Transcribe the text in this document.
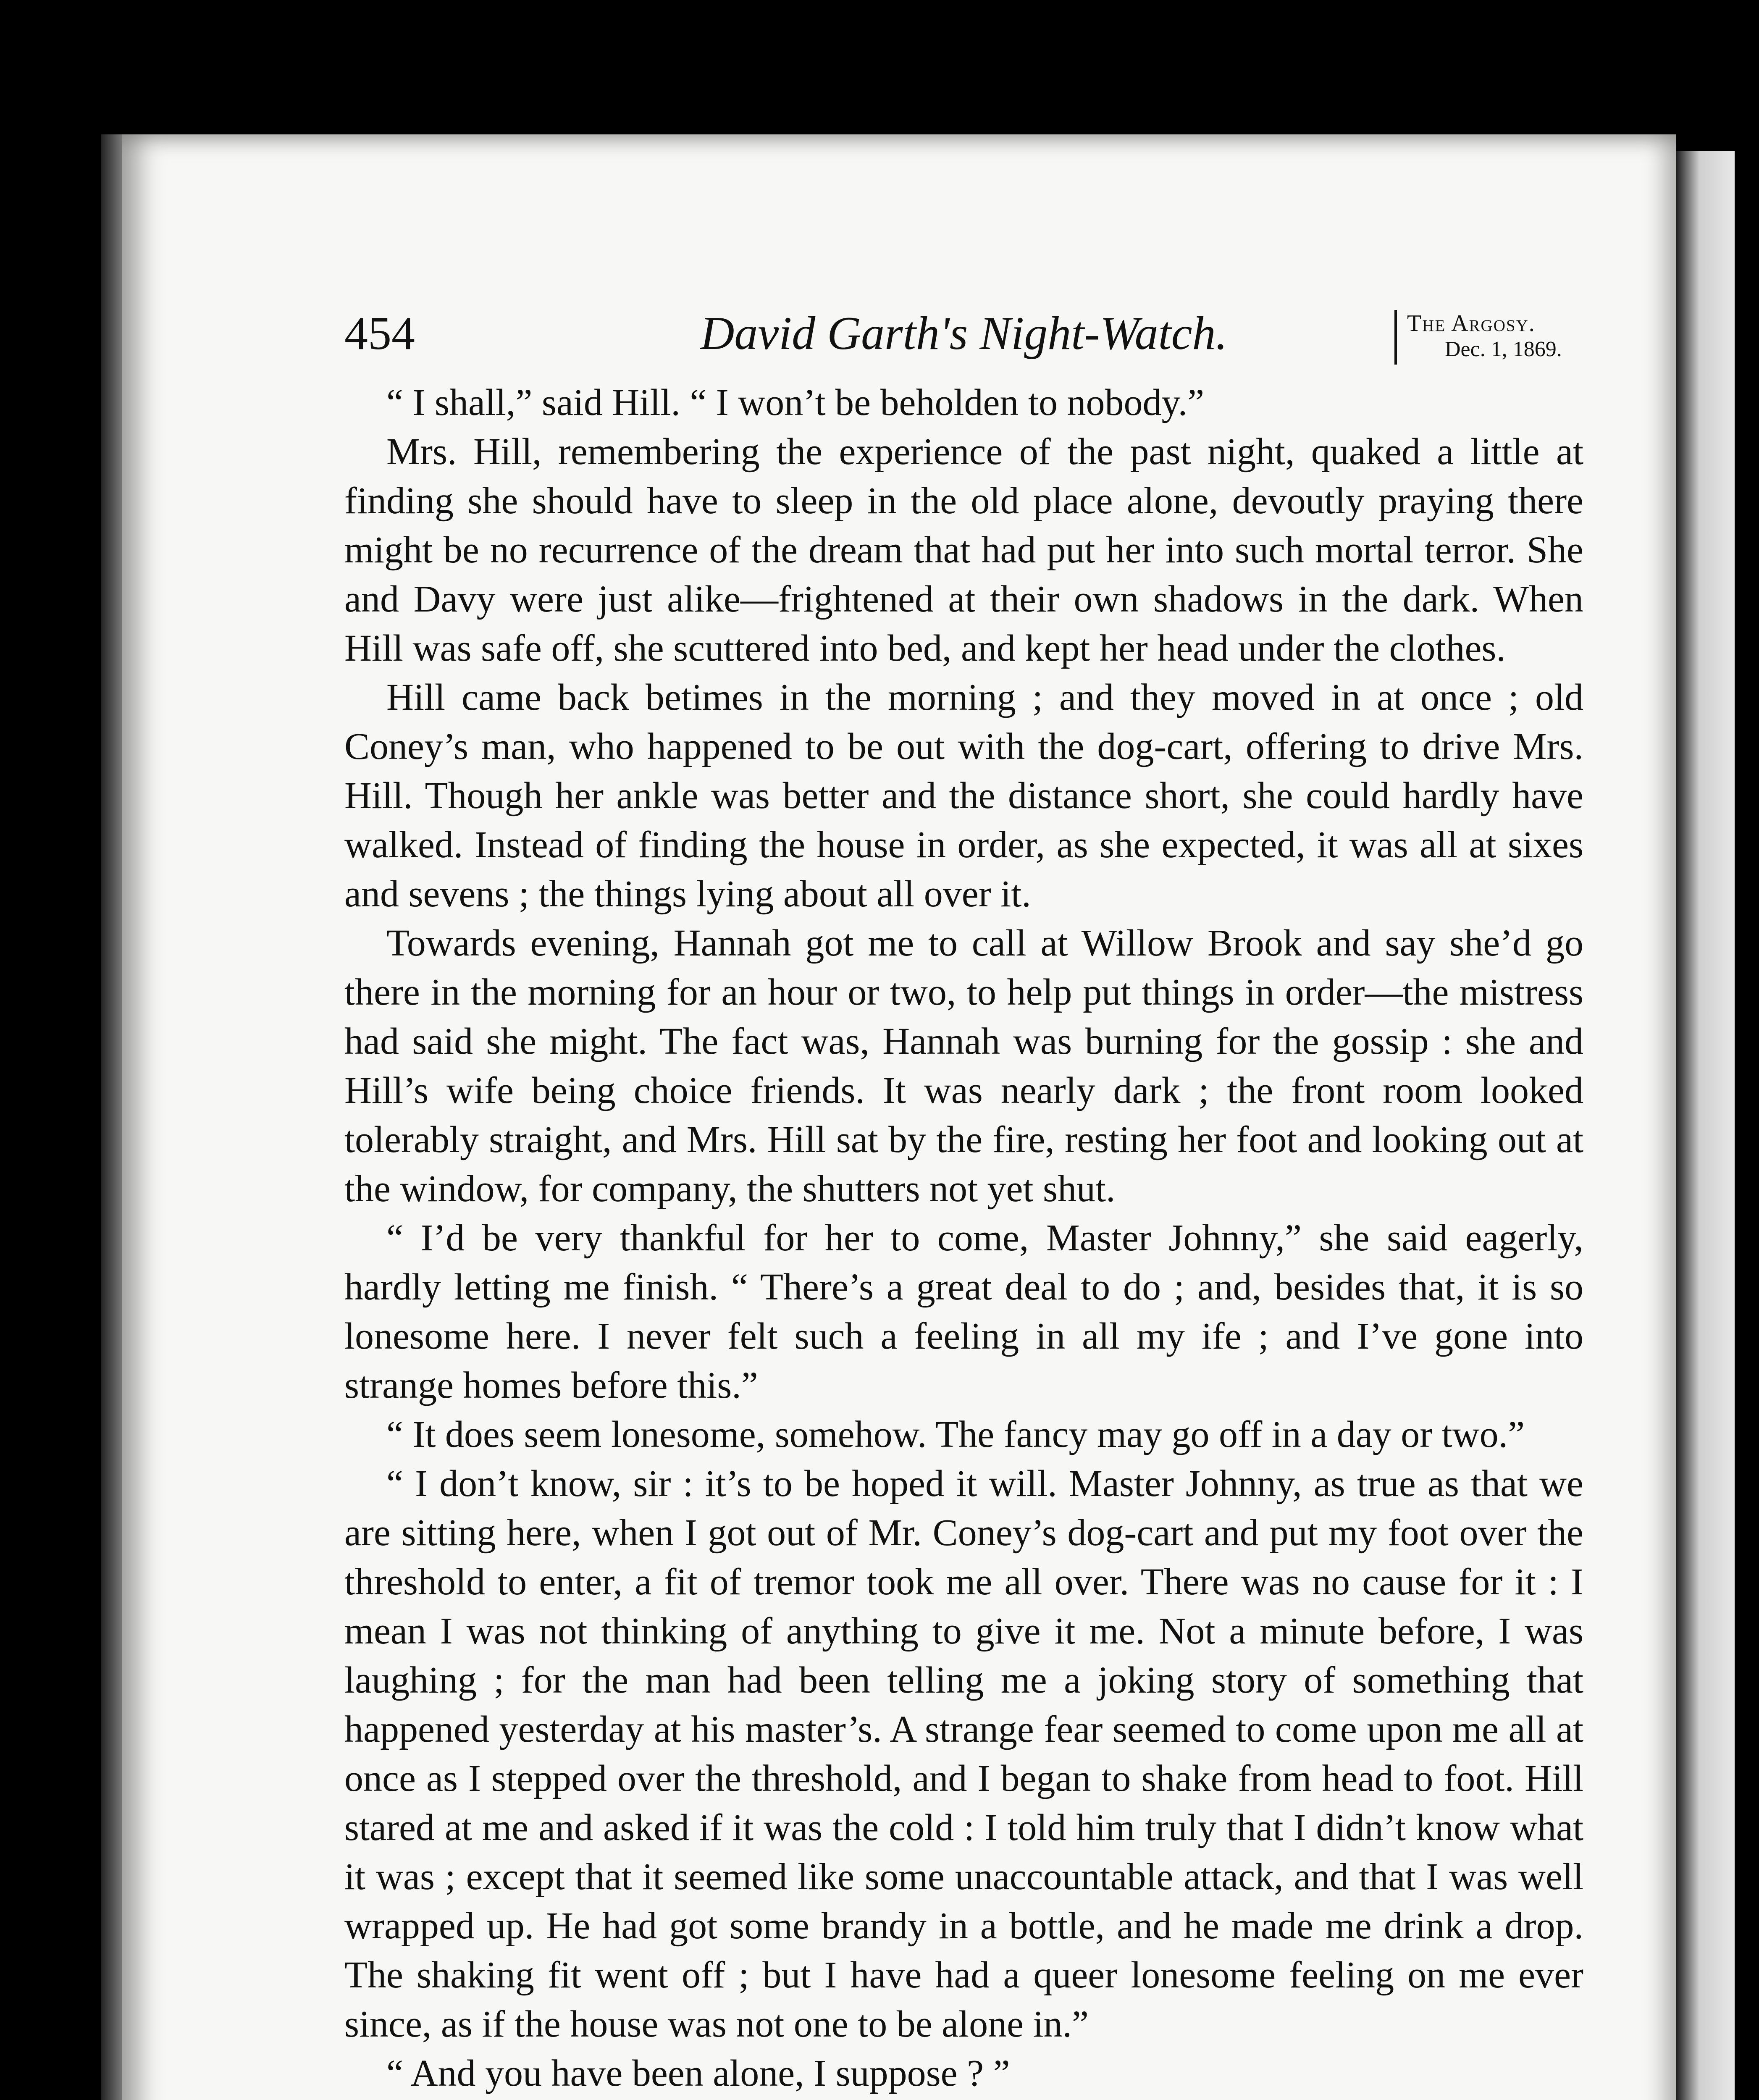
454	David Garth's Night-Watch.	The Argosy.
Dec. 1, 1869.

“ I shall,” said Hill. “ I won’t be beholden to nobody.”

Mrs. Hill, remembering the experience of the past night, quaked a little at finding she should have to sleep in the old place alone, devoutly praying there might be no recurrence of the dream that had put her into such mortal terror. She and Davy were just alike—frightened at their own shadows in the dark. When Hill was safe off, she scuttered into bed, and kept her head under the clothes.

Hill came back betimes in the morning ; and they moved in at once ; old Coney’s man, who happened to be out with the dog-cart, offering to drive Mrs. Hill. Though her ankle was better and the distance short, she could hardly have walked. Instead of finding the house in order, as she expected, it was all at sixes and sevens ; the things lying about all over it.

Towards evening, Hannah got me to call at Willow Brook and say she’d go there in the morning for an hour or two, to help put things in order—the mistress had said she might. The fact was, Hannah was burning for the gossip : she and Hill’s wife being choice friends. It was nearly dark ; the front room looked tolerably straight, and Mrs. Hill sat by the fire, resting her foot and looking out at the window, for company, the shutters not yet shut.

“ I’d be very thankful for her to come, Master Johnny,” she said eagerly, hardly letting me finish. “ There’s a great deal to do ; and, besides that, it is so lonesome here. I never felt such a feeling in all my ife ; and I’ve gone into strange homes before this.”

“ It does seem lonesome, somehow. The fancy may go off in a day or two.”

“ I don’t know, sir : it’s to be hoped it will. Master Johnny, as true as that we are sitting here, when I got out of Mr. Coney’s dog-cart and put my foot over the threshold to enter, a fit of tremor took me all over. There was no cause for it : I mean I was not thinking of anything to give it me. Not a minute before, I was laughing ; for the man had been telling me a joking story of something that happened yesterday at his master’s. A strange fear seemed to come upon me all at once as I stepped over the threshold, and I began to shake from head to foot. Hill stared at me and asked if it was the cold : I told him truly that I didn’t know what it was ; except that it seemed like some unaccountable attack, and that I was well wrapped up. He had got some brandy in a bottle, and he made me drink a drop. The shaking fit went off ; but I have had a queer lonesome feeling on me ever since, as if the house was not one to be alone in.”

“ And you have been alone, I suppose ? ”
